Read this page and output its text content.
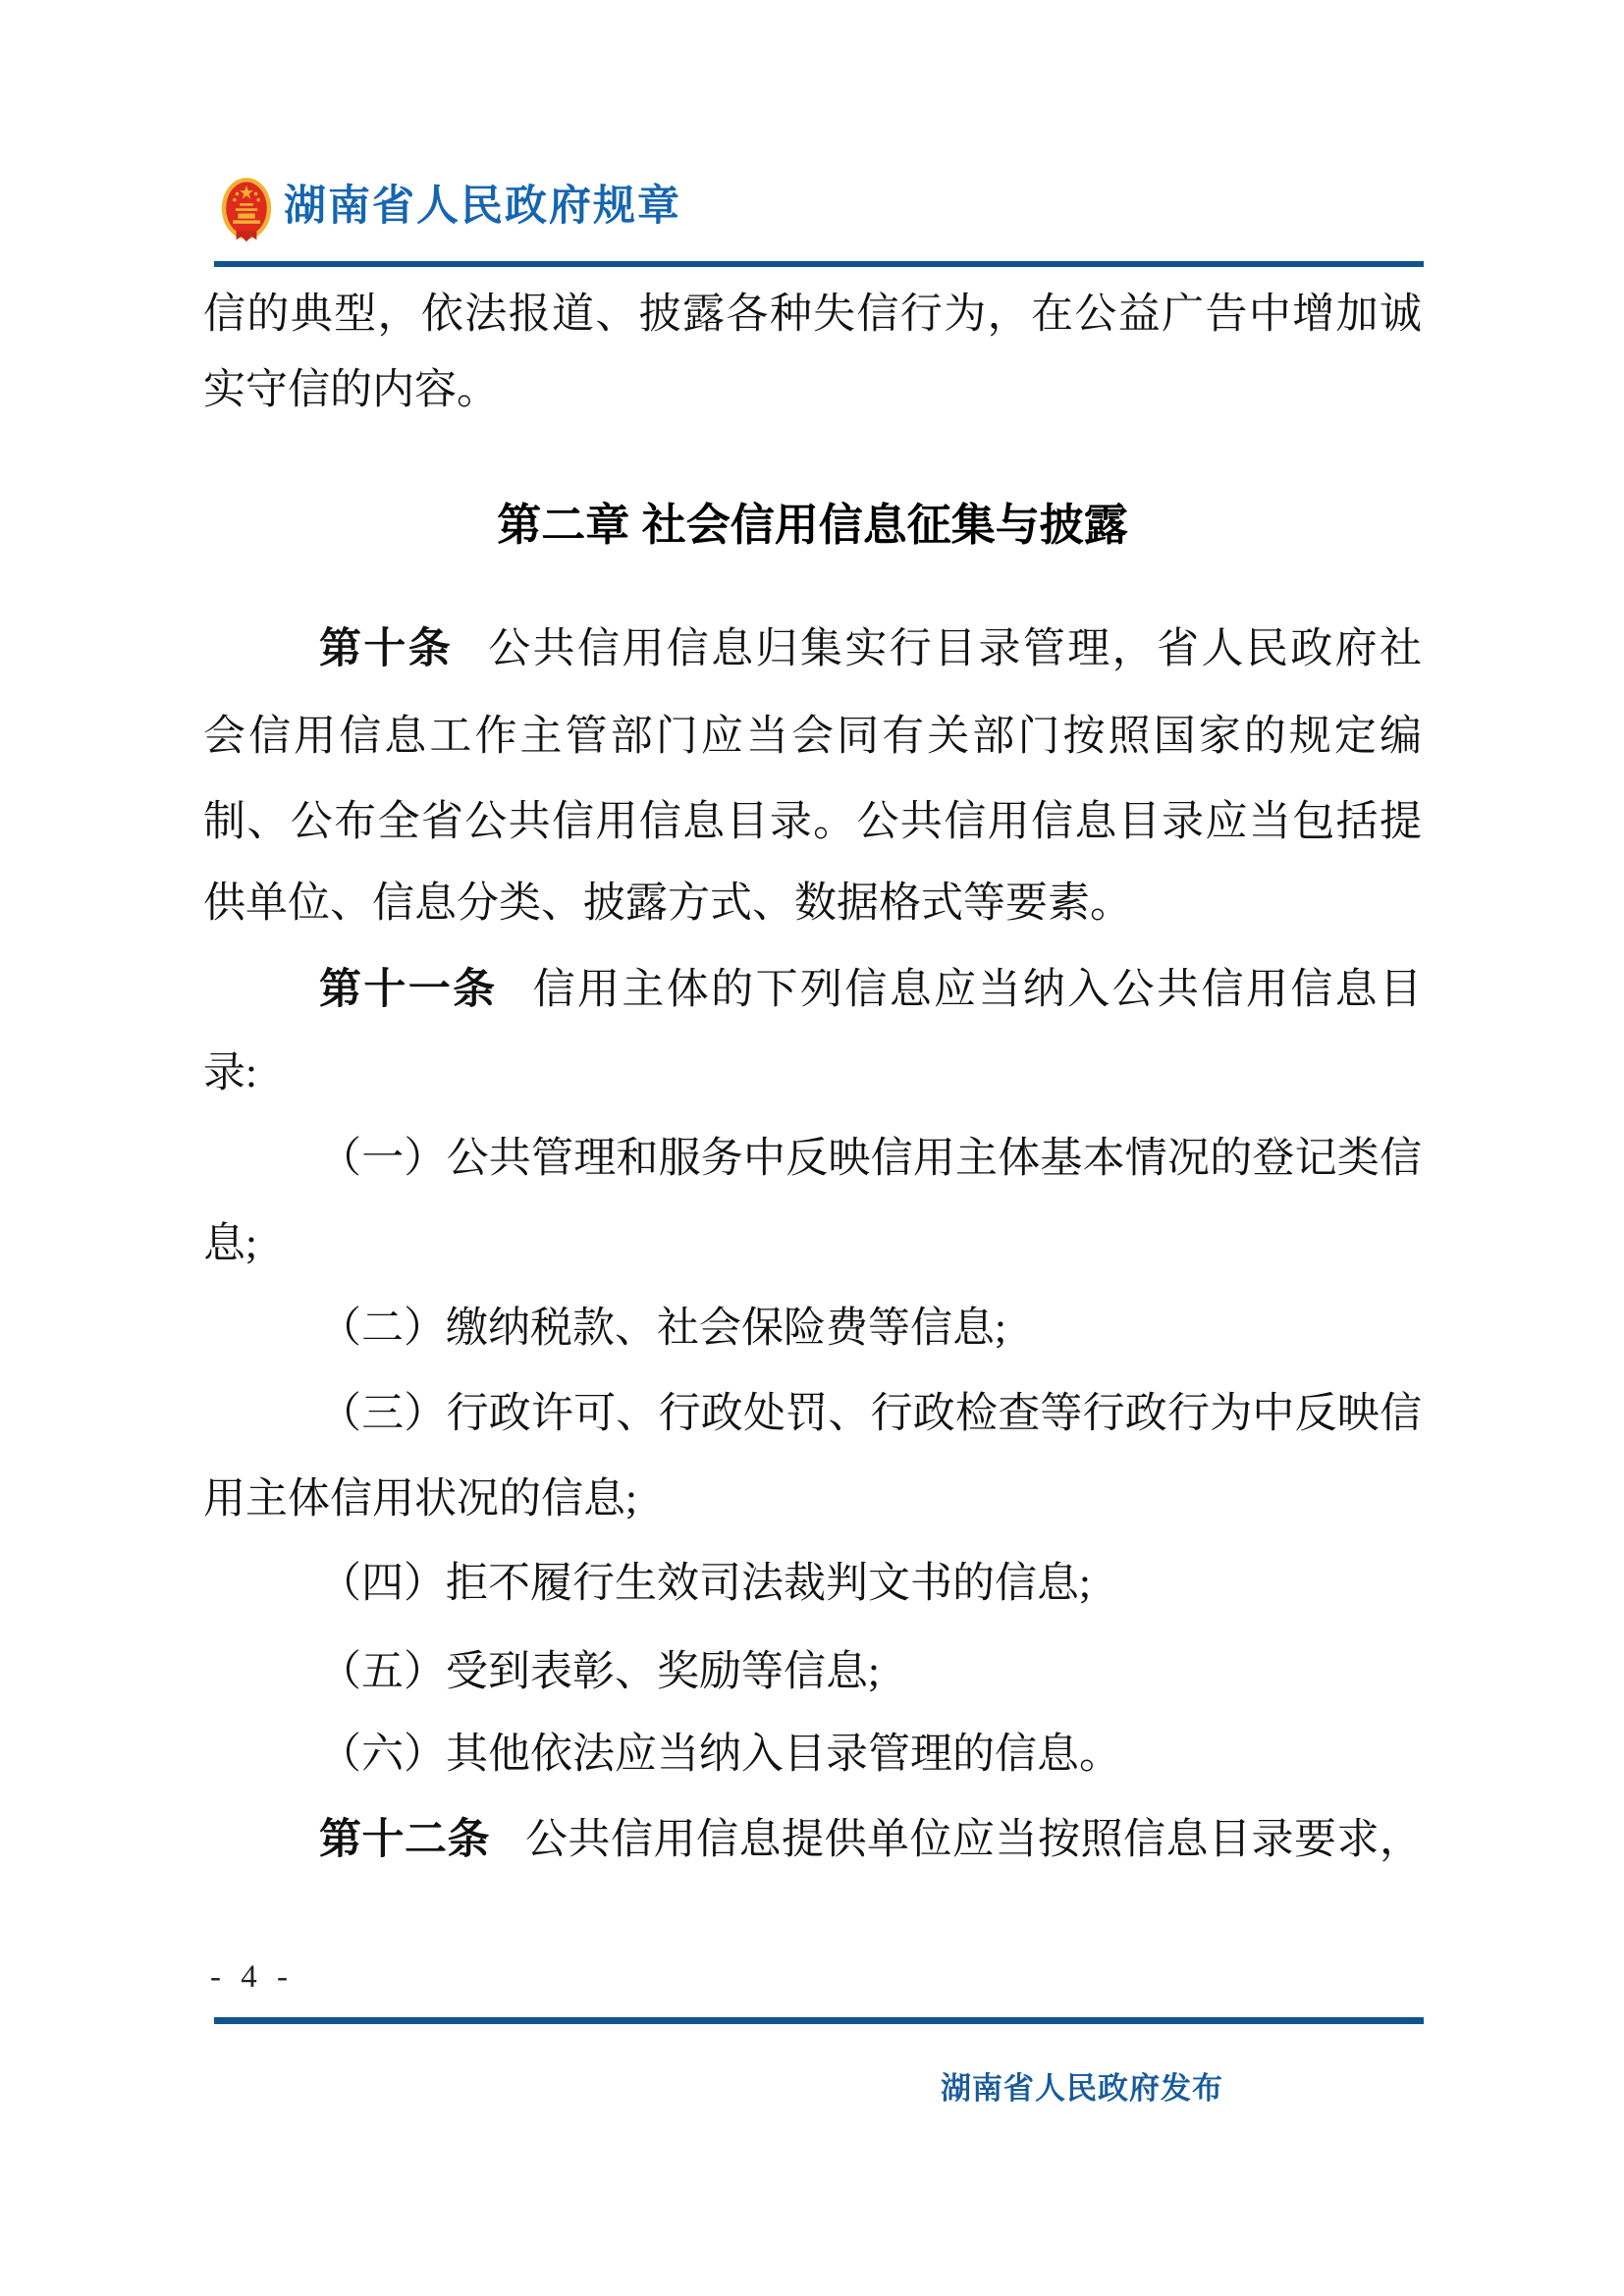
湖南省人民政府规章
信的典型，依法报道、披露各种失信行为，在公益广告中增加诚
实守信的内容。
第二章 社会信用信息征集与披露
第十条 公共信用信息归集实行目录管理，省人民政府社
会信用信息工作主管部门应当会同有关部门按照国家的规定编
制、公布全省公共信用信息目录。公共信用信息目录应当包括提
供单位、信息分类、披露方式、数据格式等要素。
第十一条 信用主体的下列信息应当纳入公共信用信息目
录:
（一）公共管理和服务中反映信用主体基本情况的登记类信
息;
（二）缴纳税款、社会保险费等信息;
（三）行政许可、行政处罚、行政检查等行政行为中反映信
用主体信用状况的信息;
（四）拒不履行生效司法裁判文书的信息;
（五）受到表彰、奖励等信息;
（六）其他依法应当纳入目录管理的信息。
第十二条 公共信用信息提供单位应当按照信息目录要求，
- 4 -
湖南省人民政府发布
